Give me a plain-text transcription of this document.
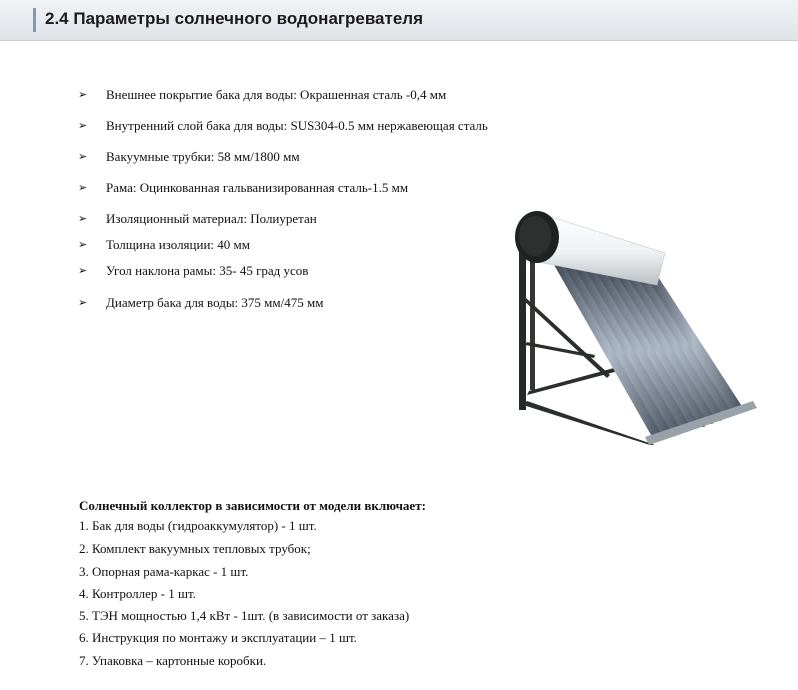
2.4 Параметры солнечного водонагревателя
➢ Внешнее покрытие бака для воды: Окрашенная сталь -0,4 мм
➢ Внутренний слой бака для воды: SUS304-0.5 мм нержавеющая сталь
➢ Вакуумные трубки: 58 мм/1800 мм
➢ Рама: Оцинкованная гальванизированная сталь-1.5 мм
➢ Изоляционный материал: Полиуретан
➢ Толщина изоляции: 40 мм
➢ Угол наклона рамы: 35- 45 град усов
➢ Диаметр бака для воды: 375 мм/475 мм
Солнечный коллектор в зависимости от модели включает:
1. Бак для воды (гидроаккумулятор) - 1 шт.
2. Комплект вакуумных тепловых трубок;
3. Опорная рама-каркас - 1 шт.
4. Контроллер - 1 шт.
5. ТЭН мощностью 1,4 кВт - 1шт. (в зависимости от заказа)
6. Инструкция по монтажу и эксплуатации – 1 шт.
7. Упаковка – картонные коробки.
